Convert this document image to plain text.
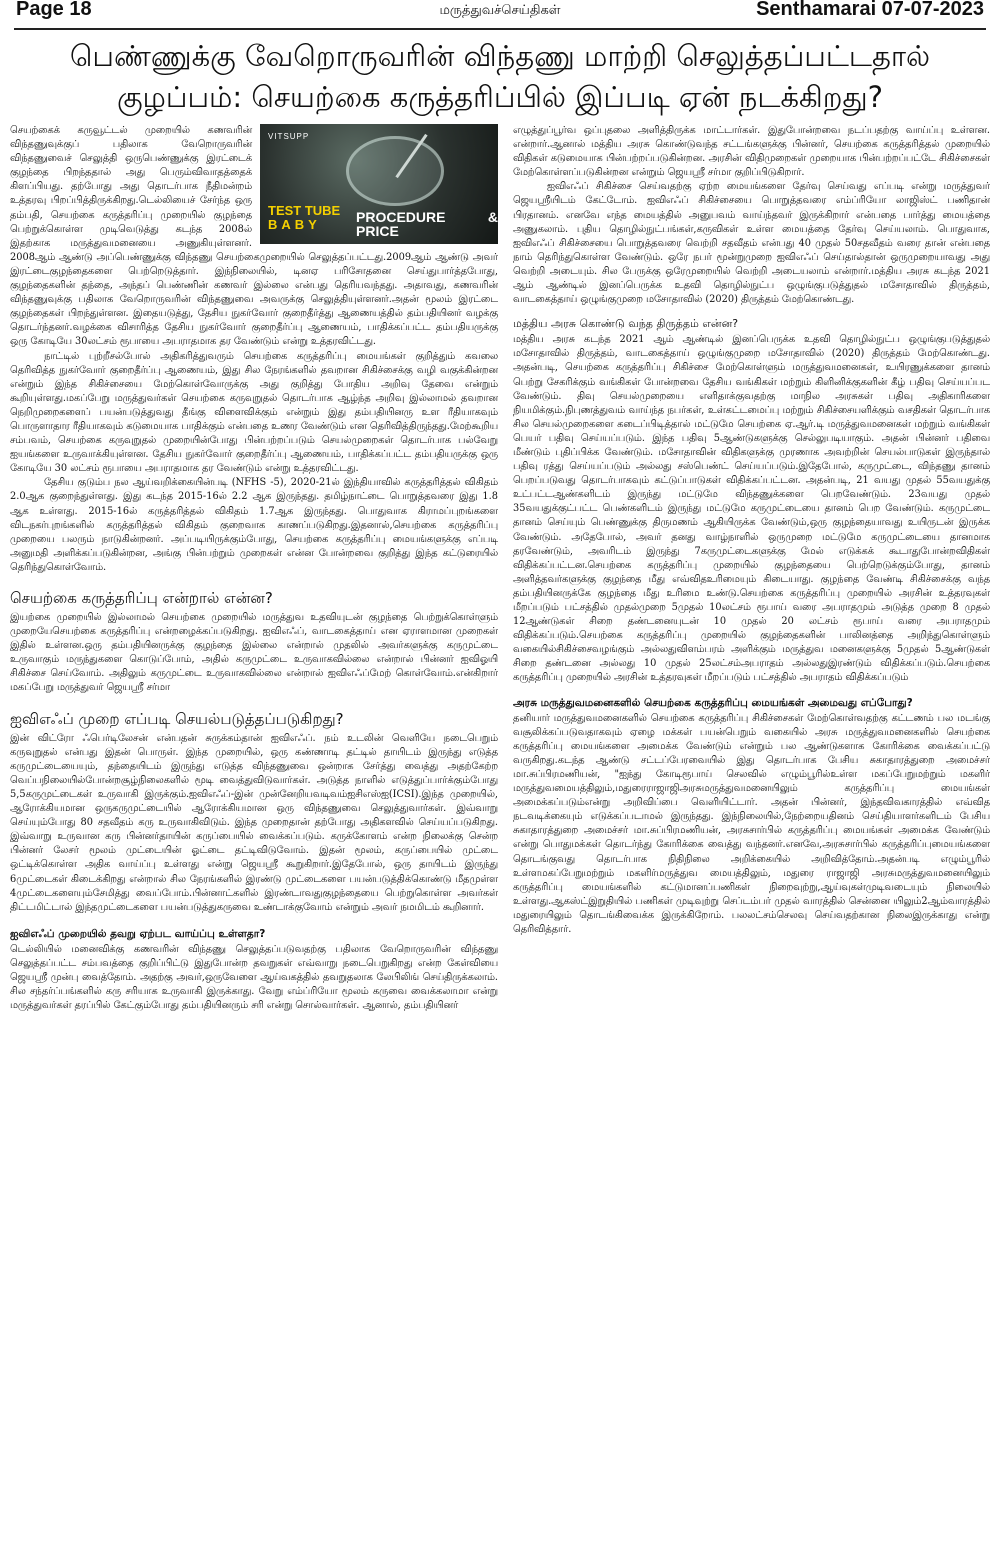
Page 18	மருத்துவச்செய்திகள்	Senthamarai 07-07-2023
பெண்ணுக்கு வேறொருவரின் விந்தணு மாற்றி செலுத்தப்பட்டதால் குழப்பம்: செயற்கை கருத்தரிப்பில் இப்படி ஏன் நடக்கிறது?
VITSUPP
TEST TUBE
BABY	PROCEDURE & PRICE

செயற்கைக் கருவூட்டல் முறையில் கணவரின் விந்தணுவுக்குப் பதிலாக வேறொருவரின் விந்தணுவைச் செலுத்தி ஒருபெண்ணுக்கு இரட்டைக் குழந்தை பிறந்ததால் அது பெரும்விவாதத்தைக் கிளப்பியது. தற்போது அது தொடர்பாக நீதிமன்றம் உத்தரவு பிறப்பித்திருக்கிறது.டெல்லியைச் சேர்ந்த ஒரு தம்பதி, செயற்கை கருத்தரிப்பு முறையில் குழந்தை பெற்றுக்கொள்ள முடிவெடுத்து கடந்த 2008ல் இதற்காக மருத்துவமனையை அணுகியுள்ளனர். 2008ஆம் ஆண்டு அப்பெண்ணுக்கு விந்தணு செயற்கைமுறையில் செலுத்தப்பட்டது.2009ஆம் ஆண்டு அவர் இரட்டைகுழந்தைகளை பெற்றெடுத்தார். இந்நிலையில், டினஏ பரிசோதனை செய்துபார்த்தபோது, குழந்தைகளின் தந்தை, அந்தப் பெண்ணின் கணவர் இல்லை என்பது தெரியவந்தது. அதாவது, கணவரின் விந்தணுவுக்கு பதிலாக வேறொருவரின் விந்தணுவை அவருக்கு செலுத்தியுள்ளனர்.அதன் மூலம் இரட்டை குழந்தைகள் பிறந்துள்ளன. இதையடுத்து, தேசிய நுகர்வோர் குறைதீர்த்து ஆணையத்தில் தம்பதியினர் வழக்கு தொடர்ந்தனர்.வழக்கை விசாரித்த தேசிய நுகர்வோர் குறைதீர்ப்பு ஆணையம், பாதிக்கப்பட்ட தம்பதியருக்கு ஒரு கோடியே 30லட்சம் ரூபாயை அபராதமாக தர வேண்டும் என்று உத்தரவிட்டது.

நாட்டில் புற்றீசல்போல் அதிகரித்துவரும் செயற்கை கருத்தரிப்பு மையங்கள் குறித்தும் கவலை தெரிவித்த நுகர்வோர் குறைதீர்ப்பு ஆணையம், இது சில நேரங்களில் தவறான சிகிச்சைக்கு வழி வகுக்கின்றன என்றும் இந்த சிகிச்சையை மேற்கொள்வோருக்கு அது குறித்து போதிய அறிவு தேவை என்றும் கூறியுள்ளது.மகப்பேறு மருத்துவர்கள் செயற்கை கருவுறுதல் தொடர்பாக ஆழ்ந்த அறிவு இல்லாமல் தவறான நெறிமுறைகளைப் பயன்படுத்துவது தீங்கு விளைவிக்கும் என்றும் இது தம்பதியினரு உள ரீதியாகவும் பொருளாதார ரீதியாகவும் கடுமையாக பாதிக்கும் என்பதை உணர வேண்டும் என தெரிவித்திருந்தது.மேற்கூறிய சம்பவம், செயற்கை கருவுறுதல் முறையின்போது பின்பற்றப்படும் செயல்முறைகள் தொடர்பாக பல்வேறு ஐயங்களை உருவாக்கியுள்ளன. தேசிய நுகர்வோர் குறைதீர்ப்பு ஆணையம், பாதிக்கப்பட்ட தம்பதியருக்கு ஒரு கோடியே 30 லட்சம் ரூபாயை அபராதமாக தர வேண்டும் என்று உத்தரவிட்டது.

தேசிய குடும்ப நல ஆய்வறிக்கையின்படி (NFHS -5), 2020-21ல் இந்தியாவில் கருத்தரித்தல் விகிதம் 2.0ஆக குறைந்துள்ளது. இது கடந்த 2015-16ல் 2.2 ஆக இருந்தது. தமிழ்நாட்டை பொறுத்தவரை இது 1.8 ஆக உள்ளது. 2015-16ல் கருத்தரித்தல் விகிதம் 1.7ஆக இருந்தது. பொதுவாக கிராமப்புறங்களை விடநகர்புறங்களில் கருத்தரித்தல் விகிதம் குறைவாக காணப்படுகிறது.இதனால்,செயற்கை கருத்தரிப்பு முறையை பலரும் நாடுகின்றனர். அப்படியிருக்கும்போது, செயற்கை கருத்தரிப்பு மையங்களுக்கு எப்படி அனுமதி அளிக்கப்படுகின்றன, அங்கு பின்பற்றும் முறைகள் என்ன போன்றவை குறித்து இந்த கட்டுரையில் தெரிந்துகொள்வோம்.

செயற்கை கருத்தரிப்பு என்றால் என்ன?

இயற்கை முறையில் இல்லாமல் செயற்கை முறையில் மருத்துவ உதவியுடன் குழந்தை பெற்றுக்கொள்ளும் முறையேசெயற்கை கருத்தரிப்பு என்றழைக்கப்படுகிறது. ஐவிஎஃப், வாடகைத்தாய் என ஏராளமான முறைகள் இதில் உள்ளன.ஒரு தம்பதியினருக்கு குழந்தை இல்லை என்றால் முதலில் அவர்களுக்கு கருமுட்டை உருவாகும் மருந்துகளை கொடுப்போம், அதில் கருமுட்டை உருவாகவில்லை என்றால் பின்னர் ஐவிஓயி சிகிச்சை செய்வோம். அதிலும் கருமுட்டை உருவாகவில்லை என்றால் ஐவிஎஃப்மேற் கொள்வோம்.என்கிறார் மகப்பேறு மருத்துவர் ஜெயஸ்ரீ சர்மா

ஐவிஎஃப் முறை எப்படி செயல்படுத்தப்படுகிறது?

இன் விட்ரோ ஃபெர்டிலேசன் என்பதன் சுருக்கம்தான் ஐவிஎஃப். நம் உடலின் வெளியே நடைபெறும் கருவுறுதல் என்பது இதன் பொருள். இந்த முறையில், ஒரு கண்ணாடி தட்டில் தாயிடம் இருந்து எடுத்த கருமுட்டையையும், தந்தையிடம் இருந்து எடுத்த விந்தணுவை ஒன்றாக சேர்த்து வைத்து அதற்கேற்ற வெப்பநிலையில்போன்றசூழ்நிலைகளில் மூடி வைத்துவிடுவார்கள். அடுத்த நாளில் எடுத்துப்பார்க்கும்போது 5,5கருமுட்டைகள் உருவாகி இருக்கும்.ஐவிஎஃப்-இன் முன்னேறியவடிவம்ஐசிஎஸ்ஐ(ICSI).இந்த முறையில், ஆரோக்கியமான ஒருகருமுட்டையில் ஆரோக்கியமான ஒரு விந்தணுவை செலுத்துவார்கள். இவ்வாறு செய்யும்போது 80 சதவீதம் கரு உருவாகிவிடும். இந்த முறைதான் தற்போது அதிகளவில் செய்யப்படுகிறது. இவ்வாறு உருவான கரு பின்னர்தாயின் கருப்பையில் வைக்கப்படும். கருக்கோளம் என்ற நிலைக்கு சென்ற பின்னர் லேசர் மூலம் முட்டையின் ஓட்டை தட்டிவிடுவோம். இதன் மூலம், கருப்பையில் முட்டை ஒட்டிக்கொள்ள அதிக வாய்ப்பு உள்ளது என்று ஜெயஸ்ரீ கூறுகிறார்.இதேபோல், ஒரு தாயிடம் இருந்து 6முட்டைகள் கிடைக்கிறது என்றால் சில நேரங்களில் இரண்டு முட்டைகளை பயன்படுத்திக்கொண்டு மீதமுள்ள 4முட்டைகளையும்சேமித்து வைப்போம்.பின்னாட்களில் இரண்டாவதுகுழந்தையை பெற்றுகொள்ள அவர்கள் திட்டமிட்டால் இந்தமுட்டைகளை பயன்படுத்துகருவை உண்டாக்குவோம் என்றும் அவர் நமமிடம் கூறினார்.

ஐவிஎஃப் முறையில் தவறு ஏற்பட வாய்ப்பு உள்ளதா?

டெல்லியில் மனைவிக்கு கணவரின் விந்தணு செலுத்தப்படுவதற்கு பதிலாக வேறொருவரின் விந்தணு செலுத்தப்பட்ட சம்பவத்தை குறிப்பிட்டு இதுபோன்ற தவறுகள் எவ்வாறு நடைபெறுகிறது என்ற கேள்வியை ஜெயஸ்ரீ முன்பு வைத்தோம். அதற்கு அவர்,ஒருவேளை ஆய்வகத்தில் தவறுதலாக லேபிலிங் செய்திருக்கலாம். சில சந்தர்ப்பங்களில் கரு சரியாக உருவாகி இருக்காது. வேறு எம்ப்ரியோ மூலம் கருவை வைக்கலாமா என்று மருத்துவர்கள் தரப்பில் கேட்கும்போது தம்பதியினரும் சரி என்று சொல்வார்கள். ஆனால், தம்பதியினர்

எழுத்துப்பூர்வ ஒப்புதலை அளித்திருக்க மாட்டார்கள். இதுபோன்றவை நடப்பதற்கு வாய்ப்பு உள்ளன. என்றார்.ஆனால் மத்திய அரசு கொண்டுவந்த சட்டங்களுக்கு பின்னர், செயற்கை கருத்தரித்தல் முறையில் விதிகள் கடுமையாக பின்பற்றப்படுகின்றன. அரசின் விதிமுறைகள் முறையாக பின்பற்றப்பட்டே சிகிச்சைகள் மேற்கொள்ளப்படுகின்றன என்றும் ஜெயஸ்ரீ சர்மா குறிப்பிடுகிறார்.

ஐவிஎஃப் சிகிச்சை செய்வதற்கு ஏற்ற மையங்களை தேர்வு செய்வது எப்படி என்று மருத்துவர் ஜெயஸ்ரீயிடம் கேட்டோம். ஐவிஎஃப் சிகிச்சையை பொறுத்தவரை எம்ப்ரியோ லாஜிஸ்ட் பணிதான் பிரதானம். எனவே எந்த மையத்தில் அனுபவம் வாய்ந்தவர் இருக்கிறார் என்பதை பார்த்து மையத்தை அணுகலாம். புதிய தொழில்நுட்பங்கள்,கருவிகள் உள்ள மையத்தை தேர்வு செய்யலாம். பொதுவாக, ஐவிஎஃப் சிகிச்சையை பொறுத்தவரை வெற்றி சதவீதம் என்பது 40 முதல் 50சதவீதம் வரை தான் என்பதை நாம் தெரிந்துகொள்ள வேண்டும். ஒரே நபர் மூன்றுமுறை ஐவிஎஃப் செய்தால்தான் ஒருமுறையாவது அது வெற்றி அடையும். சில பேருக்கு ஒரேமுறையில் வெற்றி அடையலாம் என்றார்.மத்திய அரசு கடந்த 2021 ஆம் ஆண்டில் இனப்பெருக்க உதவி தொழில்நுட்ப ஒழுங்குபடுத்துதல் மசோதாவில் திருத்தம், வாடகைத்தாய் ஒழுங்குமுறை மசோதாவில் (2020) திருத்தம் மேற்கொண்டது.

மத்திய அரசு கொண்டு வந்த திருத்தம் என்ன?

மத்திய அரசு கடந்த 2021 ஆம் ஆண்டில் இனப்பெருக்க உதவி தொழில்நுட்ப ஒழுங்குபடுத்துதல் மசோதாவில் திருத்தம், வாடகைத்தாய் ஒழுங்குமுறை மசோதாவில் (2020) திருத்தம் மேற்கொண்டது. அதன்படி, செயற்கை கருத்தரிப்பு சிகிச்சை மேற்கொள்ளும் மருத்துவமனைகள், உயிரணுக்களை தானம் பெற்று சேகரிக்கும் வங்கிகள் போன்றவை தேசிய வங்கிகள் மற்றும் கிளினிக்குகளின் கீழ் பதிவு செய்யப்பட வேண்டும். திவு செயல்முறையை எளிதாக்குவதற்கு மாநில அரசுகள் பதிவு அதிகாரிகளை நியமிக்கும்.நிபுணத்துவம் வாய்ந்த நபர்கள், உள்கட்டமைப்பு மற்றும் சிகிச்சையளிக்கும் வசதிகள் தொடர்பாக சில செயல்முறைகளை கடைப்பிடித்தால் மட்டுமே செயற்கை ஏ.ஆர்.டி மருத்துவமனைகள் மற்றும் வங்கிகள் பெயர் பதிவு செய்யப்படும். இந்த பதிவு 5ஆண்டுகளுக்கு செல்லுபடியாகும். அதன் பின்னர் பதிவை மீண்டும் புதிப்பிக்க வேண்டும். மசோதாவின் விதிகளுக்கு முரணாக அவற்றின் செயல்பாடுகள் இருந்தால் பதிவு ரத்து செய்யப்படும் அல்லது சஸ்பெண்ட் செய்யப்படும்.இதேபோல், கருமுட்டை, விந்தணு தானம் பெறப்படுவது தொடர்பாகவும் கட்டுப்பாடுகள் விதிக்கப்பட்டன. அதன்படி, 21 வயது முதல் 55வயதுக்கு உட்பட்டஆண்களிடம் இருந்து மட்டுமே விந்தணுக்களை பெறவேண்டும். 23வயது முதல் 35வயதுக்குட்பட்ட பெண்களிடம் இருந்து மட்டுமே கருமுட்டையை தானம் பெற வேண்டும். கருமுட்டை தானம் செய்யும் பெண்ணுக்கு திருமணம் ஆகியிருக்க வேண்டும்,ஒரு குழந்தையாவது உயிருடன் இருக்க வேண்டும். அதேபோல், அவர் தனது வாழ்நாளில் ஒருமுறை மட்டுமே கருமுட்டையை தானமாக தரவேண்டும், அவரிடம் இருந்து 7கருமுட்டைகளுக்கு மேல் எடுக்கக் கூடாதுபோன்றவிதிகள் விதிக்கப்பட்டன.செயற்கை கருத்தரிப்பு முறையில் குழந்தையை பெற்றெடுக்கும்போது, தானம் அளித்தவர்களுக்கு குழந்தை மீது எவ்விதஉரிமையும் கிடையாது. குழந்தை வேண்டி சிகிச்சைக்கு வந்த தம்பதியினருக்கே குழந்தை மீது உரிமை உண்டு.செயற்கை கருத்தரிப்பு முறையில் அரசின் உத்தரவுகள் மீறப்படும் பட்சத்தில் முதல்முறை 5முதல் 10லட்சம் ரூபாய் வரை அபராதமும் அடுத்த முறை 8 முதல் 12ஆண்டுகள் சிறை தண்டனையுடன் 10 முதல் 20 லட்சம் ரூபாய் வரை அபராதமும் விதிக்கப்படும்.செயற்கை கருத்தரிப்பு முறையில் குழந்தைகளின் பாலினத்தை அறிந்துகொள்ளும் வகையில்சிகிச்சைவழங்கும் அல்லதுவிளம்பரம் அளிக்கும் மருத்துவ மனைகளுக்கு 5முதல் 5ஆண்டுகள் சிறை தண்டனை அல்லது 10 முதல் 25லட்சம்அபராதம் அல்லதுஇரண்டும் விதிக்கப்படும்.செயற்கை கருத்தரிப்பு முறையில் அரசின் உத்தரவுகள் மீறப்படும் பட்சத்தில் அபராதம் விதிக்கப்படும்

அரசு மருத்துவமனைகளில் செயற்கை கருத்தரிப்பு மையங்கள் அமைவது எப்போது?

தனியார் மருத்துவமனைகளில் செயற்கை கருத்தரிப்பு சிகிச்சைகள் மேற்கொள்வதற்கு கட்டணம் பல மடங்கு வசூலிக்கப்படுவதாகவும் ஏழை மக்கள் பயன்பெறும் வகையில் அரசு மருத்துவமனைகளில் செயற்கை கருத்தரிப்பு மையங்களை அமைக்க வேண்டும் என்றும் பல ஆண்டுகளாக கோரிக்கை வைக்கப்பட்டு வருகிறது.கடந்த ஆண்டு சட்டப்பேரவையில் இது தொடர்பாக பேசிய சுகாதாரத்துறை அமைச்சர் மா.சுப்பிரமணியன், "ஐந்து கோடிரூபாய் செலவில் எழும்பூரில்உள்ள மகப்பேறுமற்றும் மகளிர் மருத்துவமையத்திலும்,மதுரைராஜாஜிஅரசுமருத்துவமனையிலும் கருத்தரிப்பு மையங்கள் அமைக்கப்படும்என்று அறிவிப்பை வெளியிட்டார். அதன் பின்னர், இந்தவிவகாரத்தில் எவ்வித நடவடிக்கையும் எடுக்கப்படாமல் இருந்தது. இந்நிலையில்,நேற்றையதினம் செய்தியாளர்களிடம் பேசிய சுகாதாரத்துறை அமைச்சர் மா.சுப்பிரமணியன், அரசுசார்பில் கருத்தரிப்பு மையங்கள் அமைக்க வேண்டும் என்று பொதுமக்கள் தொடர்ந்து கோரிக்கை வைத்து வந்தனர்.எனவே,அரசுசார்பில் கருத்தரிப்புமையங்களை தொடங்குவது தொடர்பாக நிதிநிலை அறிக்கையில் அறிவித்தோம்.அதன்படி எழும்பூரில் உள்ளமகப்பேறுமற்றும் மகளிர்மருத்துவ மையத்திலும், மதுரை ராஜாஜி அரசுமருத்துவமனையிலும் கருத்தரிப்பு மையங்களில் கட்டுமானப்பணிகள் நிறைவுற்று,ஆய்வுகள்முடிவடையும் நிலையில் உள்ளது.ஆகஸ்ட்இறுதியில் பணிகள் முடிவுற்று செப்டம்பர் முதல் வாரத்தில் சென்னை யிலும்2ஆம்வாரத்தில் மதுரையிலும் தொடங்கிவைக்க இருக்கிறோம். பலலட்சம்செலவு செய்வதற்கான நிலைஇருக்காது என்று தெரிவித்தார்.
